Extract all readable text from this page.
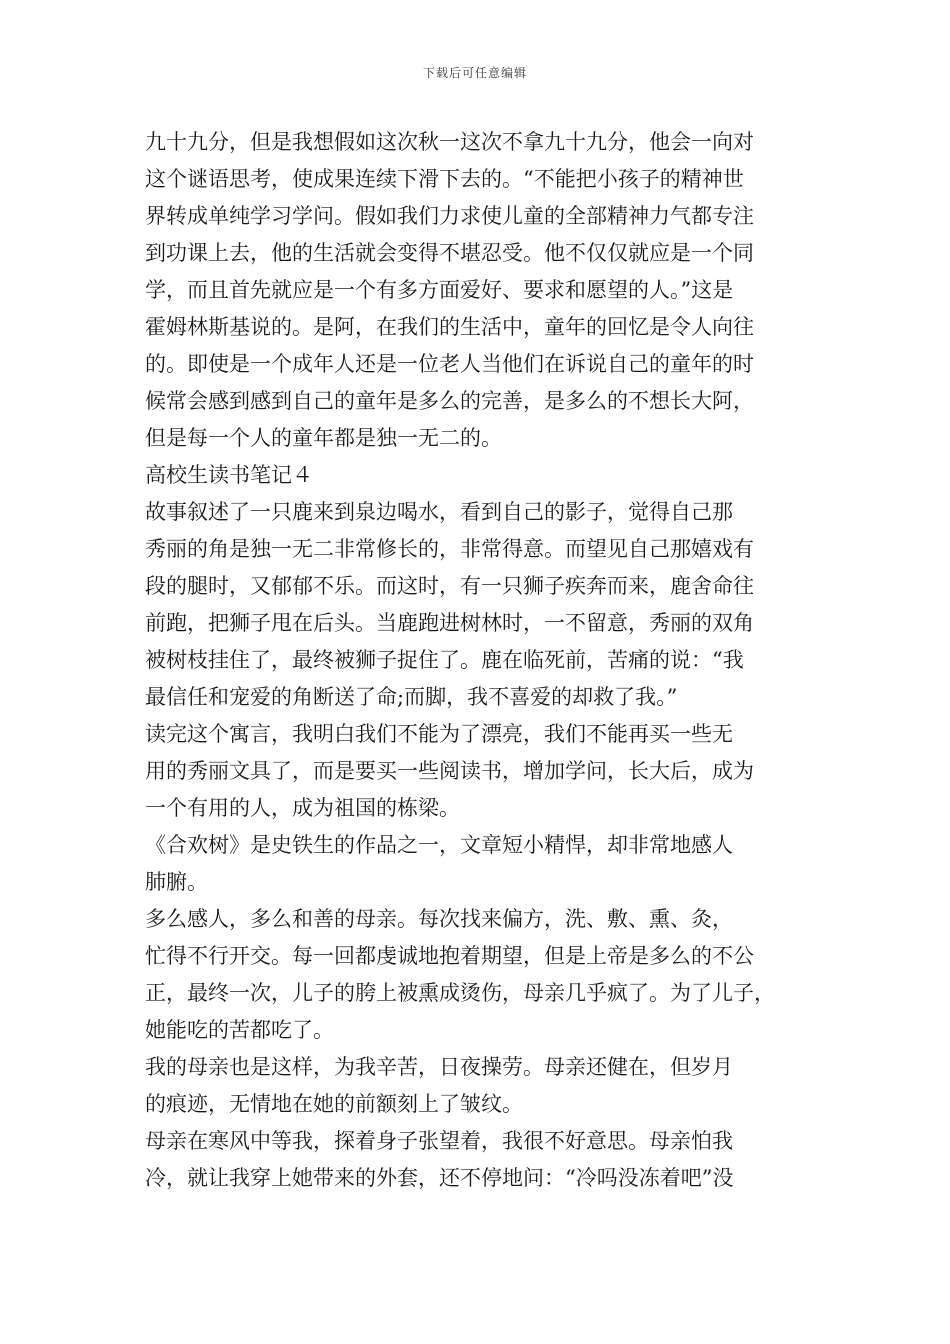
下载后可任意编辑
九十九分，但是我想假如这次秋一这次不拿九十九分，他会一向对
这个谜语思考，使成果连续下滑下去的。“不能把小孩子的精神世
界转成单纯学习学问。假如我们力求使儿童的全部精神力气都专注
到功课上去，他的生活就会变得不堪忍受。他不仅仅就应是一个同
学，而且首先就应是一个有多方面爱好、要求和愿望的人。”这是
霍姆林斯基说的。是阿，在我们的生活中，童年的回忆是令人向往
的。即使是一个成年人还是一位老人当他们在诉说自己的童年的时
候常会感到感到自己的童年是多么的完善，是多么的不想长大阿，
但是每一个人的童年都是独一无二的。
高校生读书笔记４
故事叙述了一只鹿来到泉边喝水，看到自己的影子，觉得自己那
秀丽的角是独一无二非常修长的，非常得意。而望见自己那嬉戏有
段的腿时，又郁郁不乐。而这时，有一只狮子疾奔而来，鹿舍命往
前跑，把狮子甩在后头。当鹿跑进树林时，一不留意，秀丽的双角
被树枝挂住了，最终被狮子捉住了。鹿在临死前，苦痛的说：“我
最信任和宠爱的角断送了命;而脚，我不喜爱的却救了我。”
读完这个寓言，我明白我们不能为了漂亮，我们不能再买一些无
用的秀丽文具了，而是要买一些阅读书，增加学问，长大后，成为
一个有用的人，成为祖国的栋梁。
《合欢树》是史铁生的作品之一，文章短小精悍，却非常地感人
肺腑。
多么感人，多么和善的母亲。每次找来偏方，洗、敷、熏、灸，
忙得不行开交。每一回都虔诚地抱着期望，但是上帝是多么的不公
正，最终一次，儿子的胯上被熏成烫伤，母亲几乎疯了。为了儿子，
她能吃的苦都吃了。
我的母亲也是这样，为我辛苦，日夜操劳。母亲还健在，但岁月
的痕迹，无情地在她的前额刻上了皱纹。
母亲在寒风中等我，探着身子张望着，我很不好意思。母亲怕我
冷，就让我穿上她带来的外套，还不停地问：“冷吗没冻着吧”没
